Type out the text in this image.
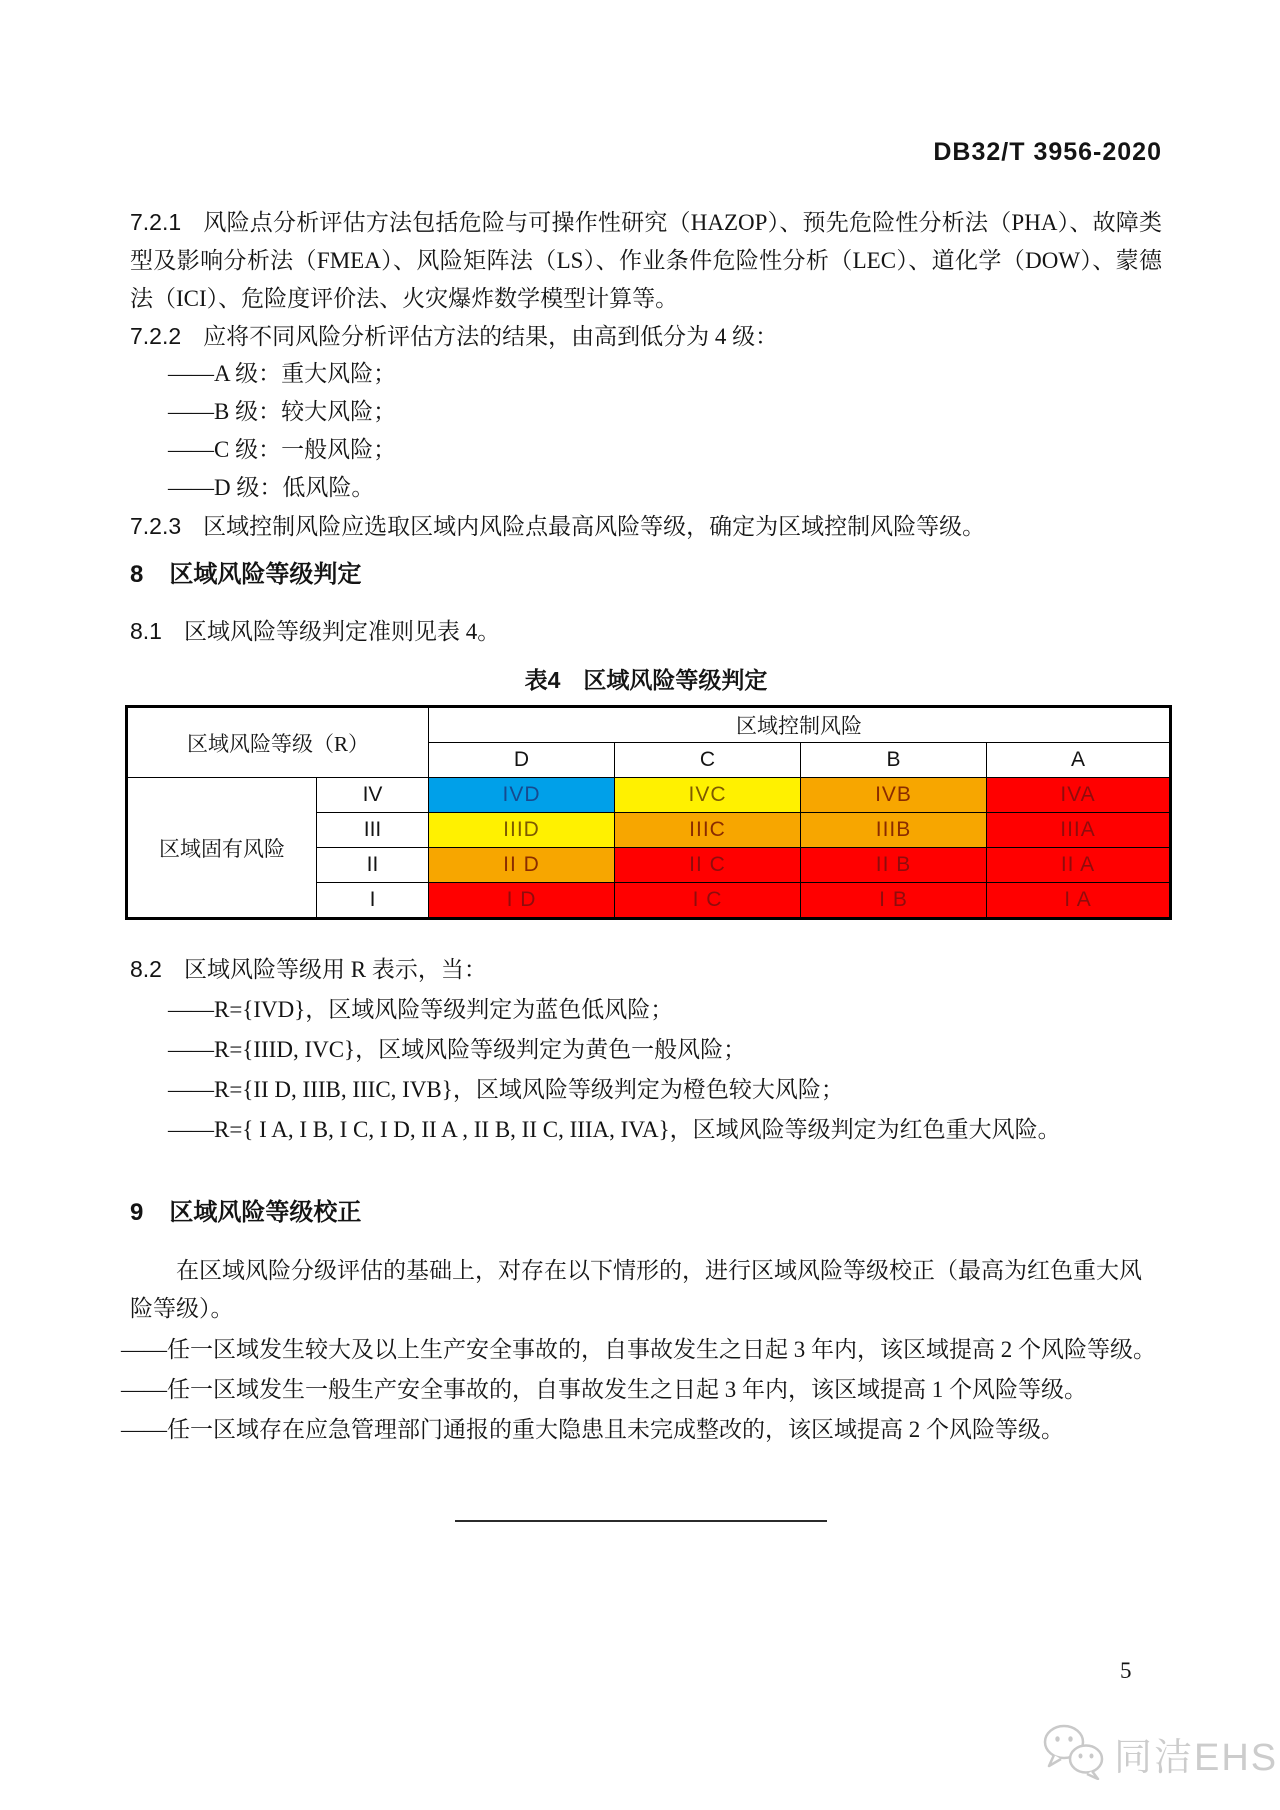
DB32/T 3956-2020
7.2.1 风险点分析评估方法包括危险与可操作性研究（HAZOP）、预先危险性分析法（PHA）、故障类型及影响分析法（FMEA）、风险矩阵法（LS）、作业条件危险性分析（LEC）、道化学（DOW）、蒙德法（ICI）、危险度评价法、火灾爆炸数学模型计算等。
7.2.2 应将不同风险分析评估方法的结果，由高到低分为 4 级：
——A 级：重大风险；
——B 级：较大风险；
——C 级：一般风险；
——D 级：低风险。
7.2.3 区域控制风险应选取区域内风险点最高风险等级，确定为区域控制风险等级。
8 区域风险等级判定
8.1 区域风险等级判定准则见表 4。
表4　区域风险等级判定
区域风险等级（R）		区域控制风险			
		D	C	B	A
区域固有风险	IV	IVD	IVC	IVB	IVA
	III	IIID	IIIC	IIIB	IIIA
	II	II D	II C	II B	II A
	I	I D	I C	I B	I A
8.2 区域风险等级用 R 表示，当：
——R={IVD}，区域风险等级判定为蓝色低风险；
——R={IIID, IVC}，区域风险等级判定为黄色一般风险；
——R={II D, IIIB, IIIC, IVB}，区域风险等级判定为橙色较大风险；
——R={ I A, I B, I C, I D, II A , II B, II C, IIIA, IVA}，区域风险等级判定为红色重大风险。
9 区域风险等级校正
在区域风险分级评估的基础上，对存在以下情形的，进行区域风险等级校正（最高为红色重大风险等级）。
——任一区域发生较大及以上生产安全事故的，自事故发生之日起 3 年内，该区域提高 2 个风险等级。
——任一区域发生一般生产安全事故的，自事故发生之日起 3 年内，该区域提高 1 个风险等级。
——任一区域存在应急管理部门通报的重大隐患且未完成整改的，该区域提高 2 个风险等级。
5
同洁EHS
